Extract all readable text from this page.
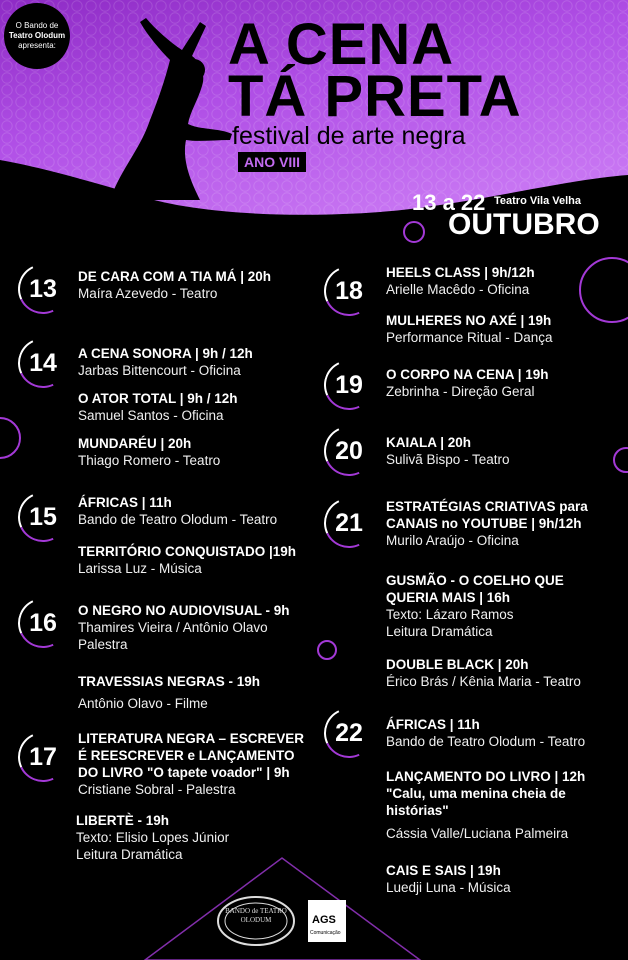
O Bando de
Teatro Olodum
apresenta:	A CENA
TÁ PRETA
festival de arte negra
ANO VIII
13 a 22 Teatro Vila Velha
OUTUBRO
13 DE CARA COM A TIA MÁ | 20h
Maíra Azevedo - Teatro
14 A CENA SONORA | 9h / 12h
Jarbas Bittencourt - Oficina
O ATOR TOTAL | 9h / 12h
Samuel Santos - Oficina
MUNDARÉU | 20h
Thiago Romero - Teatro
15 ÁFRICAS | 11h
Bando de Teatro Olodum - Teatro
TERRITÓRIO CONQUISTADO |19h
Larissa Luz - Música
16 O NEGRO NO AUDIOVISUAL - 9h
Thamires Vieira / Antônio Olavo
Palestra
TRAVESSIAS NEGRAS - 19h
Antônio Olavo - Filme
17
LITERATURA NEGRA – ESCREVER
É REESCREVER e LANÇAMENTO
DO LIVRO "O tapete voador" | 9h
Cristiane Sobral - Palestra
LIBERTÈ - 19h
Texto: Elisio Lopes Júnior
Leitura Dramática
18
HEELS CLASS | 9h/12h
Arielle Macêdo - Oficina
MULHERES NO AXÉ | 19h
Performance Ritual - Dança
19 O CORPO NA CENA | 19h
Zebrinha - Direção Geral
20 KAIALA | 20h
Sulivã Bispo - Teatro
21
ESTRATÉGIAS CRIATIVAS para
CANAIS no YOUTUBE | 9h/12h
Murilo Araújo - Oficina
GUSMÃO - O COELHO QUE
QUERIA MAIS | 16h
Texto: Lázaro Ramos
Leitura Dramática
DOUBLE BLACK | 20h
Érico Brás / Kênia Maria - Teatro
22 ÁFRICAS | 11h
Bando de Teatro Olodum - Teatro
LANÇAMENTO DO LIVRO | 12h
"Calu, uma menina cheia de
histórias"
Cássia Valle/Luciana Palmeira
CAIS E SAIS | 19h
Luedji Luna - Música
BANDO de TEATRO OLODUM	AGS
Comunicação
